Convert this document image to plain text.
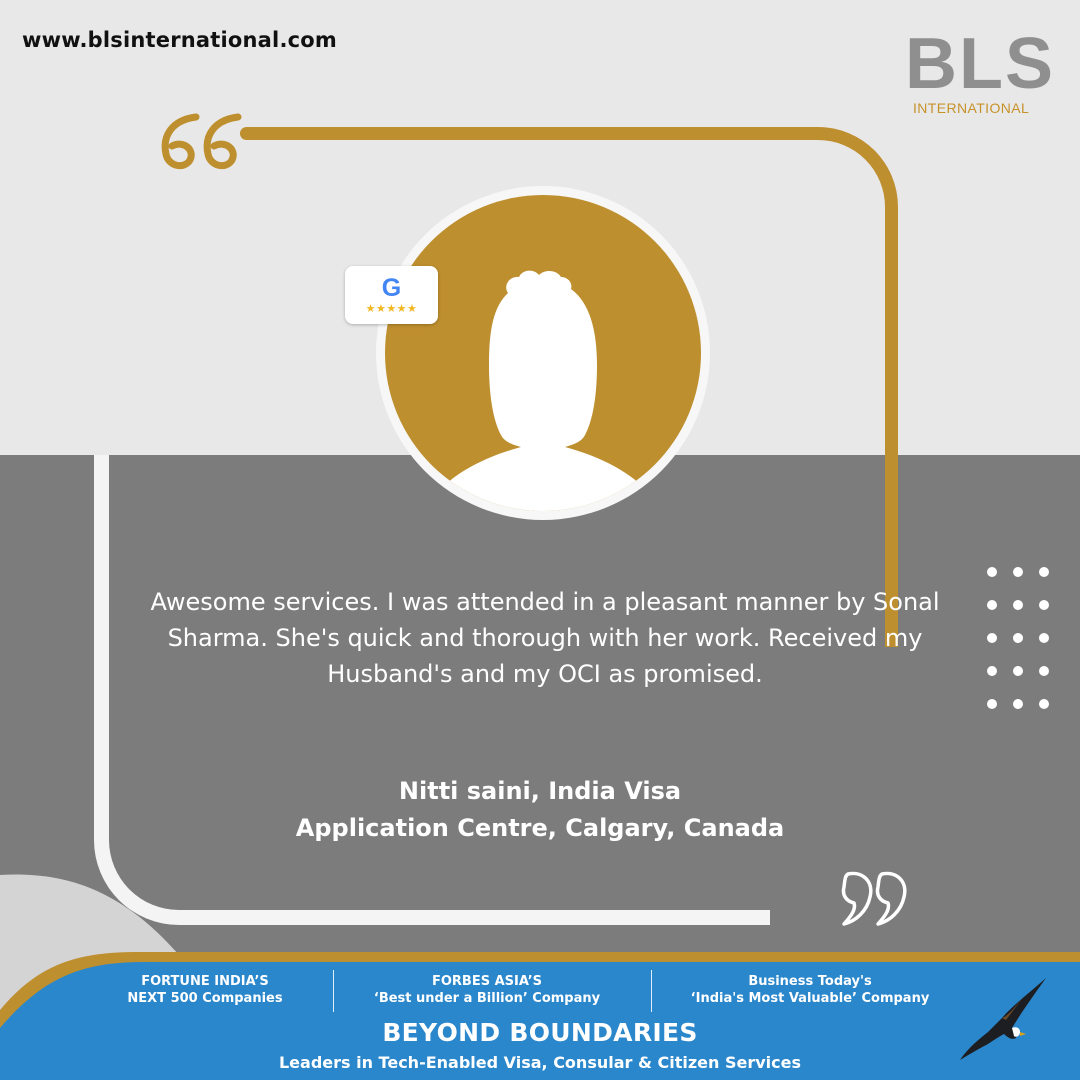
www.blsinternational.com	BLS
INTERNATIONAL
G
★★★★★
Awesome services. I was attended in a pleasant manner by Sonal Sharma. She's quick and thorough with her work. Received my Husband's and my OCI as promised.
Nitti saini, India Visa
Application Centre, Calgary, Canada
FORTUNE INDIA’S
NEXT 500 Companies
FORBES ASIA’S
‘Best under a Billion’ Company
Business Today's
‘India's Most Valuable’ Company
BEYOND BOUNDARIES
Leaders in Tech-Enabled Visa, Consular & Citizen Services
